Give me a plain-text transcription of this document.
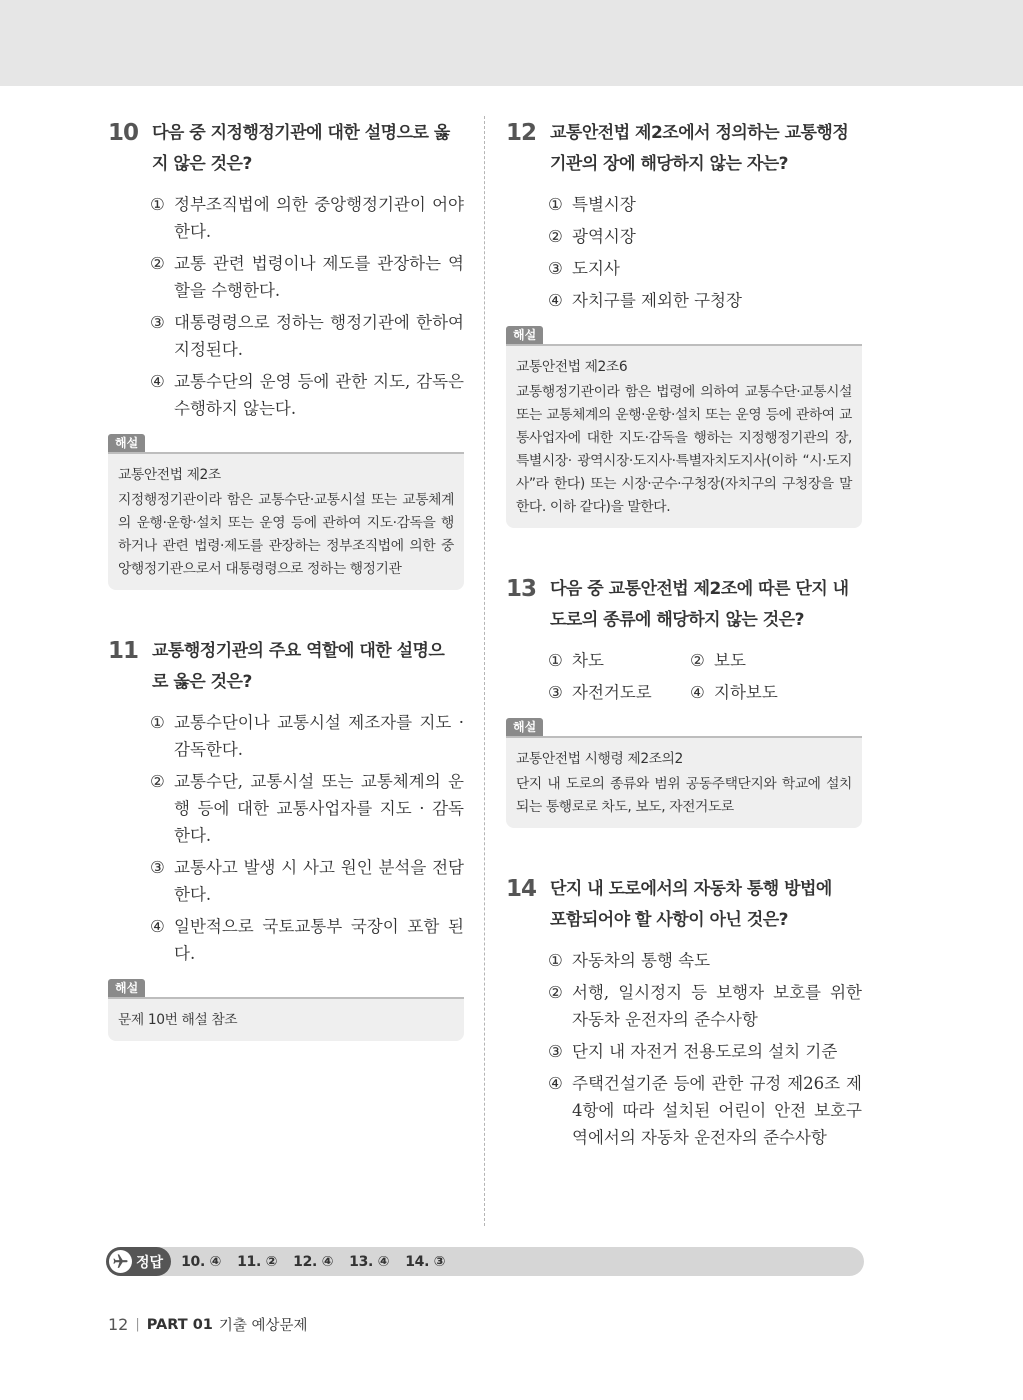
10 다음 중 지정행정기관에 대한 설명으로 옳
지 않은 것은?
① 정부조직법에 의한 중앙행정기관이 어야 한다.
② 교통 관련 법령이나 제도를 관장하는 역할을 수행한다.
③ 대통령령으로 정하는 행정기관에 한하여 지정된다.
④ 교통수단의 운영 등에 관한 지도, 감독은 수행하지 않는다.
해설
교통안전법 제2조
지정행정기관이라 함은 교통수단·교통시설 또는 교통체계의 운행·운항·설치 또는 운영 등에 관하여 지도·감독을 행하거나 관련 법령·제도를 관장하는 정부조직법에 의한 중앙행정기관으로서 대통령령으로 정하는 행정기관
11 교통행정기관의 주요 역할에 대한 설명으
로 옳은 것은?
① 교통수단이나 교통시설 제조자를 지도 · 감독한다.
② 교통수단, 교통시설 또는 교통체계의 운행 등에 대한 교통사업자를 지도 · 감독한다.
③ 교통사고 발생 시 사고 원인 분석을 전담한다.
④ 일반적으로 국토교통부 국장이 포함 된다.
해설
문제 10번 해설 참조
12 교통안전법 제2조에서 정의하는 교통행정
기관의 장에 해당하지 않는 자는?
① 특별시장
② 광역시장
③ 도지사
④ 자치구를 제외한 구청장
해설
교통안전법 제2조6
교통행정기관이라 함은 법령에 의하여 교통수단·교통시설 또는 교통체계의 운행·운항·설치 또는 운영 등에 관하여 교통사업자에 대한 지도·감독을 행하는 지정행정기관의 장, 특별시장· 광역시장·도지사·특별자치도지사(이하 “시·도지사”라 한다) 또는 시장·군수·구청장(자치구의 구청장을 말한다. 이하 같다)을 말한다.
13 다음 중 교통안전법 제2조에 따른 단지 내
도로의 종류에 해당하지 않는 것은?
① 차도	② 보도
③ 자전거도로	④ 지하보도
해설
교통안전법 시행령 제2조의2
단지 내 도로의 종류와 범위 공동주택단지와 학교에 설치되는 통행로로 차도, 보도, 자전거도로
14 단지 내 도로에서의 자동차 통행 방법에
포함되어야 할 사항이 아닌 것은?
① 자동차의 통행 속도
② 서행, 일시정지 등 보행자 보호를 위한 자동차 운전자의 준수사항
③ 단지 내 자전거 전용도로의 설치 기준
④ 주택건설기준 등에 관한 규정 제26조 제4항에 따라 설치된 어린이 안전 보호구역에서의 자동차 운전자의 준수사항
정답 10. ④ 11. ② 12. ④ 13. ④ 14. ③
12 | PART 01 기출 예상문제
